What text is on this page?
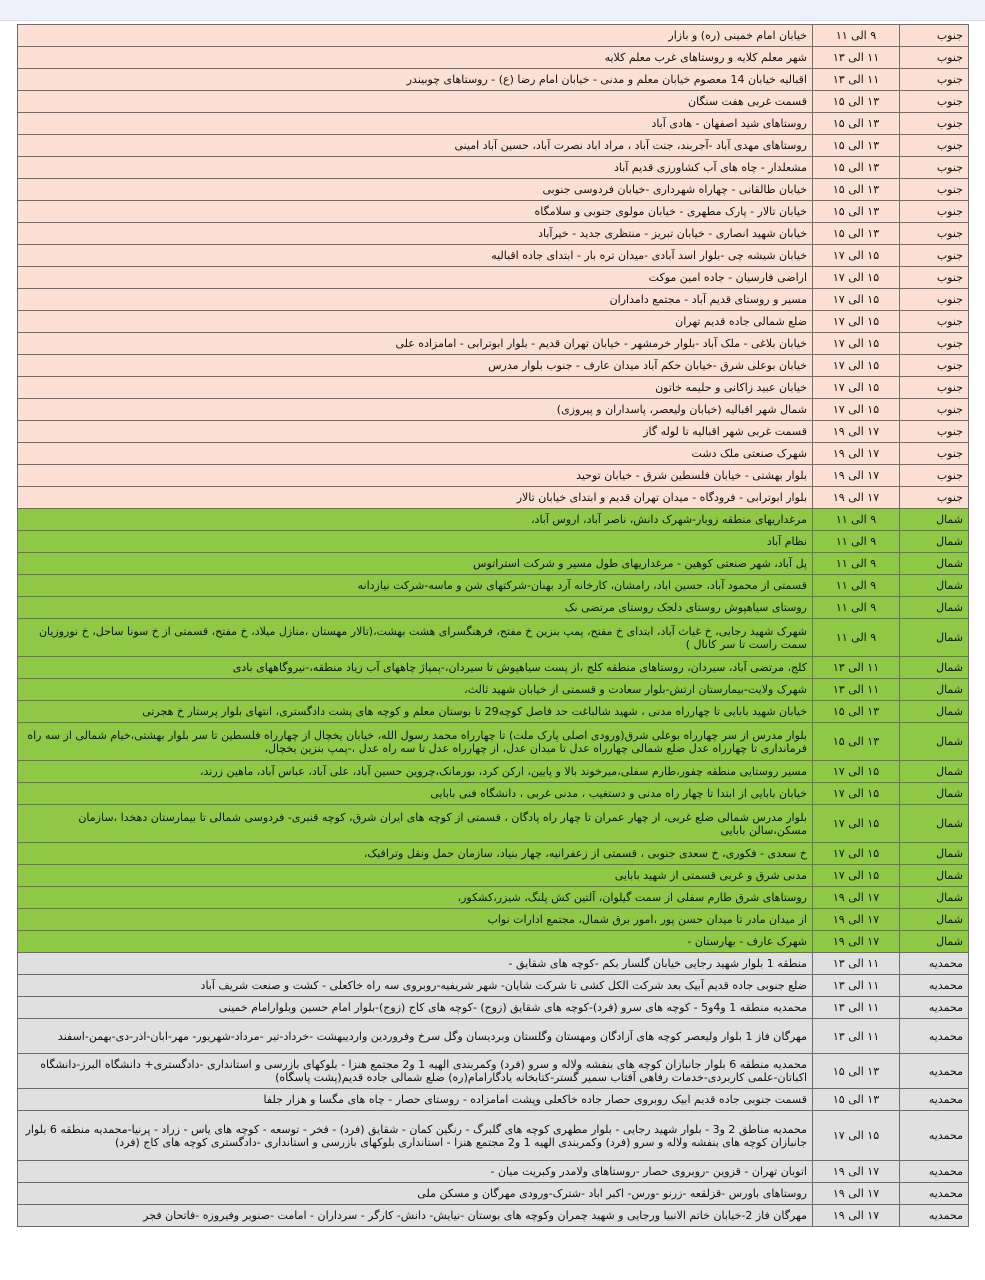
جنوب	۹ الی ۱۱	خیابان امام خمینی (ره) و بازار
جنوب	۱۱ الی ۱۳	شهر معلم کلایه و روستاهای غرب معلم کلایه
جنوب	۱۱ الی ۱۳	اقبالیه خیابان 14 معصوم خیابان معلم و مدنی - خیابان امام رضا (ع) - روستاهای چوبیندر
جنوب	۱۳ الی ۱۵	قسمت غربی هفت سنگان
جنوب	۱۳ الی ۱۵	روستاهای شید اصفهان - هادی آباد
جنوب	۱۳ الی ۱۵	روستاهای مهدی آباد -آجربند، جنت آباد ، مراد اباد نصرت آباد، حسین آباد امینی
جنوب	۱۳ الی ۱۵	مشعلدار - چاه های آب کشاورزی قدیم آباد
جنوب	۱۳ الی ۱۵	خیابان طالقانی - چهاراه شهرداری -خیابان فردوسی جنوبی
جنوب	۱۳ الی ۱۵	خیابان تالار - پارک مطهری - خیابان مولوی جنوبی و سلامگاه
جنوب	۱۳ الی ۱۵	خیابان شهید انصاری - خیابان تبریز - منتظری جدید - خیرآباد
جنوب	۱۵ الی ۱۷	خیابان شیشه چی -بلوار اسد آبادی -میدان تره بار - ابتدای جاده اقبالیه
جنوب	۱۵ الی ۱۷	اراضی فارسیان - جاده امین موکت
جنوب	۱۵ الی ۱۷	مسیر و روستای قدیم آباد - مجتمع دامداران
جنوب	۱۵ الی ۱۷	ضلع شمالی جاده قدیم تهران
جنوب	۱۵ الی ۱۷	خیابان بلاغی - ملک آباد -بلوار خرمشهر - خیابان تهران قدیم - بلوار ابوترابی - امامزاده علی
جنوب	۱۵ الی ۱۷	خیابان بوعلی شرق -خیابان حکم آباد میدان عارف - جنوب بلوار مدرس
جنوب	۱۵ الی ۱۷	خیابان عبید زاکانی و حلیمه خاتون
جنوب	۱۵ الی ۱۷	شمال شهر اقبالیه (خیابان ولیعصر، پاسداران و پیروزی)
جنوب	۱۷ الی ۱۹	قسمت غربی شهر اقبالیه تا لوله گاز
جنوب	۱۷ الی ۱۹	شهرک صنعتی ملک دشت
جنوب	۱۷ الی ۱۹	بلوار بهشتی - خیابان فلسطین شرق - خیابان توحید
جنوب	۱۷ الی ۱۹	بلوار ابوترابی - فرودگاه - میدان تهران قدیم و ابتدای خیابان تالار
شمال	۹ الی ۱۱	مرغداریهای منطقه زوبار-شهرک دانش، ناصر آباد، اروس آباد،
شمال	۹ الی ۱۱	نظام آباد
شمال	۹ الی ۱۱	پل آباد، شهر صنعتی کوهین - مرغداریهای طول مسیر و شرکت استراتوس
شمال	۹ الی ۱۱	قسمتی از محمود آباد، حسین اباد، رامشان، کارخانه آرد بهنان-شرکتهای شن و ماسه-شرکت نیازدانه
شمال	۹ الی ۱۱	روستای سیاهپوش روستای دلجک روستای مرتضی نک
شمال	۹ الی ۱۱	شهرک شهید رجایی، خ غیاث آباد، ابتدای خ مفتح، پمپ بنزین خ مفتح، فرهنگسرای هشت بهشت،(تالار مهستان ،منازل میلاد، خ مفتح، قسمتی از خ سونا ساحل، خ نوروزیان سمت راست تا سر کانال )
شمال	۱۱ الی ۱۳	کلج، مرتضی آباد، سیردان، روستاهای منطقه کلج ،از پست سیاهپوش تا سیردان،-پمپاژ چاههای آب زیاد منطقه،-نیروگاههای بادی
شمال	۱۱ الی ۱۳	شهرک ولایت-بیمارستان ارتش-بلوار سعادت و قسمتی از خیابان شهید ثالث،
شمال	۱۳ الی ۱۵	خیابان شهید بابایی تا چهارراه مدنی ، شهید شالباغت حد فاصل کوچه29 تا بوستان معلم و کوچه های پشت دادگستری، انتهای بلوار پرستار خ هجرتی
شمال	۱۳ الی ۱۵	بلوار مدرس از سر چهارراه بوعلی شرق(ورودی اصلی پارک ملت) تا چهارراه محمد رسول الله، خیابان یخچال از چهارراه فلسطین تا سر بلوار بهشتی،خیام شمالی از سه راه فرمانداری تا چهارراه عدل ضلع شمالی چهارراه عدل تا میدان عدل، از چهارراه عدل تا سه راه عدل ،-پمپ بنزین یخچال،
شمال	۱۵ الی ۱۷	مسیر روستایی منطقه چفور،طارم سفلی،میرخوند بالا و پایین، ارکن کرد، بورمانک،چروین حسین آباد، علی آباد، عباس آباد، ماهین زرند،
شمال	۱۵ الی ۱۷	خیابان بابایی از ابتدا تا چهار راه مدنی و دستغیب ، مدنی غربی ، دانشگاه فنی بابایی
شمال	۱۵ الی ۱۷	بلوار مدرس شمالی ضلع غربی، از چهار عمران تا چهار راه پادگان ، قسمتی از کوچه های ایران شرق، کوچه قنبری- فردوسی شمالی تا بیمارستان دهخدا ،سازمان مسکن،سالن بابایی
شمال	۱۵ الی ۱۷	خ سعدی - فکوری، خ سعدی جنوبی ، قسمتی از زعفرانیه، چهار بنیاد، سازمان حمل ونقل وترافیک،
شمال	۱۵ الی ۱۷	مدنی شرق و غربی قسمتی از شهید بابایی
شمال	۱۷ الی ۱۹	روستاهای شرق طارم سفلی از سمت گیلوان، آلتین کش پلنگ، شیزر،کشکور،
شمال	۱۷ الی ۱۹	از میدان مادر تا میدان حسن پور ،امور برق شمال، مجتمع ادارات نواب
شمال	۱۷ الی ۱۹	شهرک عارف - بهارستان -
محمدیه	۱۱ الی ۱۳	منطقه 1 بلوار شهید رجایی خیابان گلسار بکم -کوچه های شقایق -
محمدیه	۱۱ الی ۱۳	ضلع جنوبی جاده قدیم آبیک بعد شرکت الکل کشی تا شرکت شایان- شهر شریفیه-روبروی سه راه خاکعلی - کشت و صنعت شریف آباد
محمدیه	۱۱ الی ۱۳	محمدیه منطقه 1 و4و5 - کوچه های سرو (فرد)-کوچه های شقایق (زوج) -کوچه های کاج (زوج)-بلوار امام حسین وبلوارامام خمینی
محمدیه	۱۱ الی ۱۳	مهرگان فاز 1 بلوار ولیعصر کوچه های آزادگان ومهستان وگلستان وبردیسان وگل سرخ وفروردین واردیبهشت -خرداد-تیر -مرداد-شهریور- مهر-ابان-اذر-دی-بهمن-اسفند
محمدیه	۱۳ الی ۱۵	محمدیه منطقه 6 بلوار جانبازان کوچه های بنفشه ولاله و سرو (فرد) وکمربندی الهیه 1 و2 مجتمع هنزا - بلوکهای بازرسی و استانداری -دادگستری+ دانشگاه البرز-دانشگاه اکباتان-علمی کاربردی-خدمات رفاهی آفتاب سمیر گستر-کتابخانه یادگارامام(ره) ضلع شمالی جاده قدیم(پشت پاسگاه)
محمدیه	۱۳ الی ۱۵	قسمت جنوبی جاده قدیم ابیک روبروی حصار جاده خاکعلی وپشت امامزاده - روستای حصار - چاه های مگسا و هزار جلفا
محمدیه	۱۵ الی ۱۷	محمدیه مناطق 2 و3 - بلوار شهید رجایی - بلوار مطهری کوچه های گلبرگ - رنگین کمان - شقایق (فرد) - فخر - توسعه - کوچه های یاس - زراد - پرنیا-محمدیه منطقه 6 بلوار جانبازان کوچه های بنفشه ولاله و سرو (فرد) وکمربندی الهیه 1 و2 مجتمع هنزا - استانداری بلوکهای بازرسی و استانداری -دادگستری کوچه های کاج (فرد)
محمدیه	۱۷ الی ۱۹	اتوبان تهران - قزوین -روبروی حصار -روستاهای ولامدر وکبریت میان -
محمدیه	۱۷ الی ۱۹	روستاهای باورس -قزلقعه -زرنو -ورس- اکبر اباد -شترک-ورودی مهرگان و مسکن ملی
محمدیه	۱۷ الی ۱۹	مهرگان فاز 2-خیابان خاتم الانبیا ورجایی و شهید چمران وکوچه های بوستان -نیایش- دانش- کارگر - سرداران - امامت -صنوبر وفیروزه -فاتحان فجر
